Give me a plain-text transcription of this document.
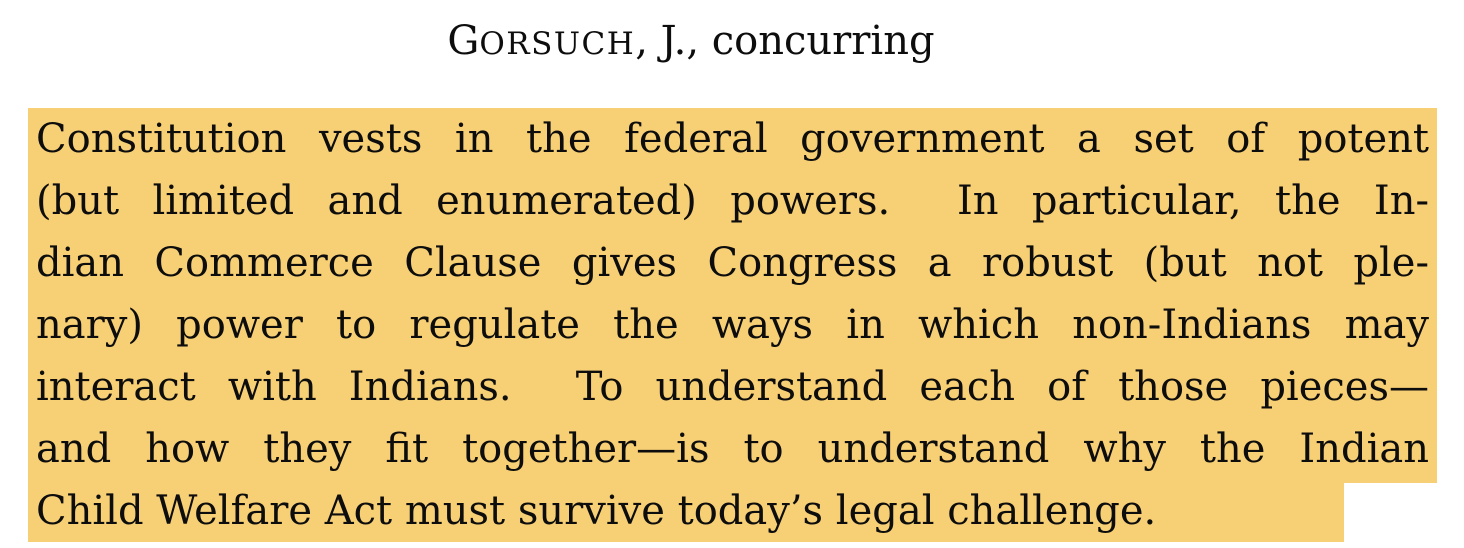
GORSUCH, J., concurring
Constitution vests in the federal government a set of potent
(but limited and enumerated) powers.  In particular, the In-
dian Commerce Clause gives Congress a robust (but not ple-
nary) power to regulate the ways in which non-Indians may
interact with Indians.  To understand each of those pieces—
and how they fit together—is to understand why the Indian
Child Welfare Act must survive today’s legal challenge.
